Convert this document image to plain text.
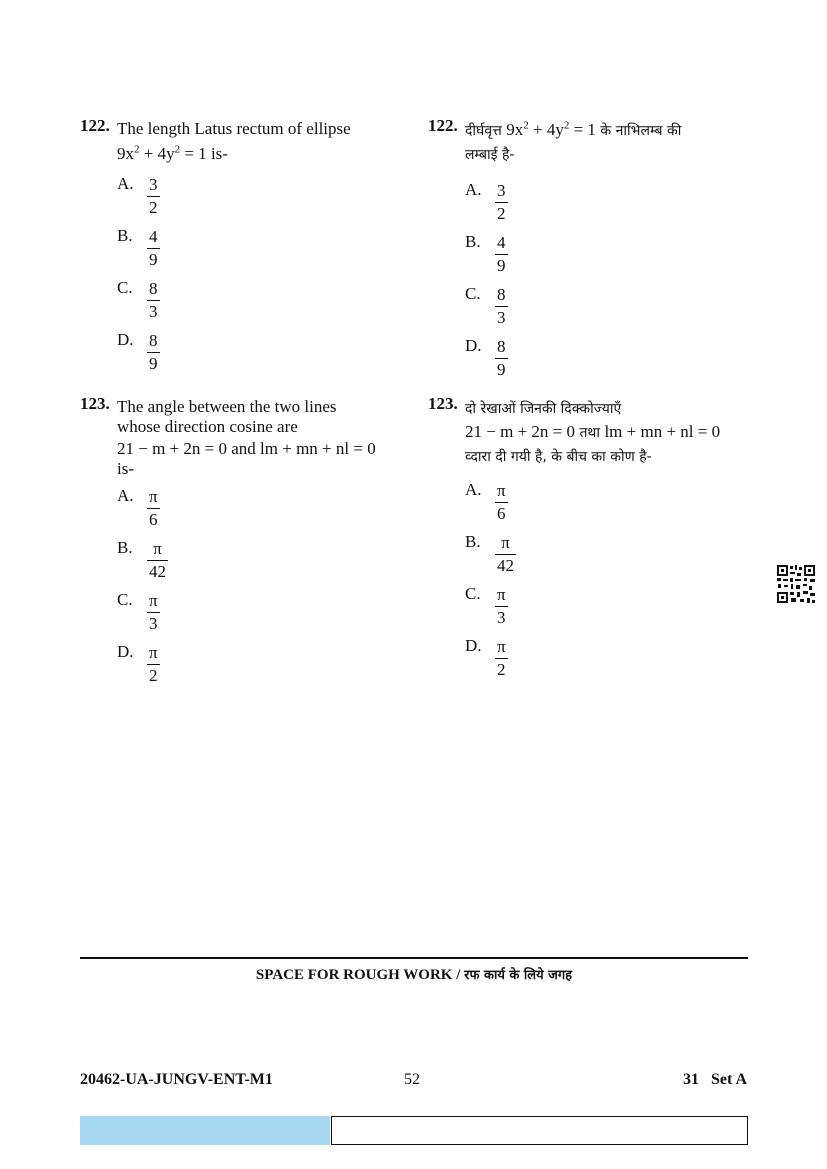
122. The length Latus rectum of ellipse
$9x^2 + 4y^2 = 1$ is-
A. 3
2
B. 4
9
C. 8
3
D. 8
9
123. The angle between the two lines
whose direction cosine are
21 − m + 2n = 0 and lm + mn + nl = 0
is-
A. π
6
B.	π
42
C. π
3
D. π
2
122. दीर्घवृत्त $9x^2 + 4y^2 = 1$ के नाभिलम्ब की
लम्बाई है-
A. 3
2
B. 4
9
C. 8
3
D. 8
9
123. दो रेखाओं जिनकी दिक्कोज्याएँ
21 − m + 2n = 0 तथा lm + mn + nl = 0
व्दारा दी गयी है, के बीच का कोण है-
A. π
6
B.	π
42
C. π
3
D. π
2
SPACE FOR ROUGH WORK / रफ कार्य के लिये जगह
20462-UA-JUNGV-ENT-M1	52	31 Set A
